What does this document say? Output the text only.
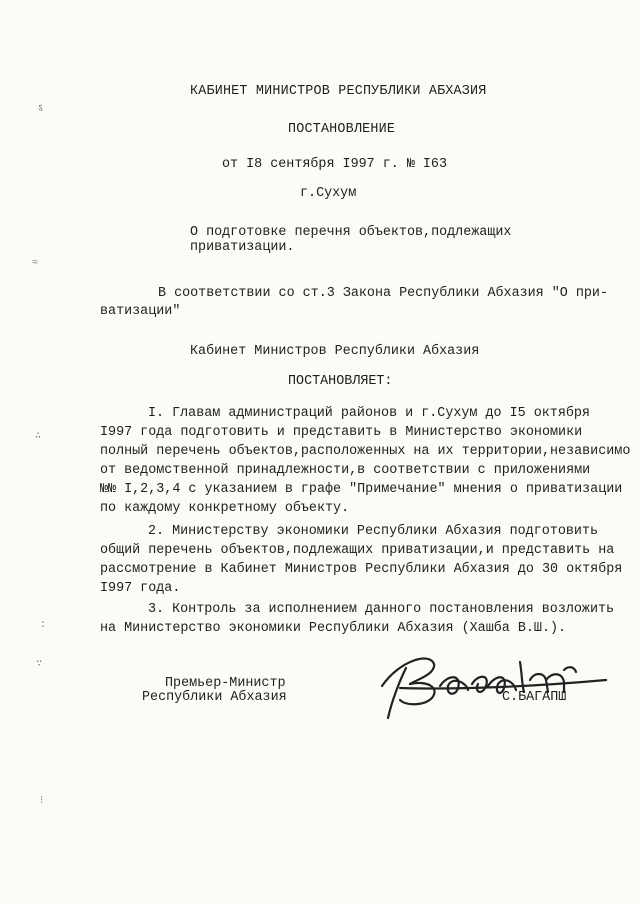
ऽ
≈
∴
:
∵
⁝
КАБИНЕТ МИНИСТРОВ РЕСПУБЛИКИ АБХАЗИЯ
ПОСТАНОВЛЕНИЕ
от I8 сентября I997 г. № I63
г.Сухум
О подготовке перечня объектов,подлежащих
приватизации.
В соответствии со ст.3 Закона Республики Абхазия "О при-
ватизации"
Кабинет Министров Республики Абхазия
ПОСТАНОВЛЯЕТ:
I. Главам администраций районов и г.Сухум до I5 октября
I997 года подготовить и представить в Министерство экономики
полный перечень объектов,расположенных на их территории,независимо
от ведомственной принадлежности,в соответствии с приложениями
№№ I,2,3,4 с указанием в графе "Примечание" мнения о приватизации
по каждому конкретному объекту.
2. Министерству экономики Республики Абхазия подготовить
общий перечень объектов,подлежащих приватизации,и представить на
рассмотрение в Кабинет Министров Республики Абхазия до 30 октября
I997 года.
3. Контроль за исполнением данного постановления возложить
на Министерство экономики Республики Абхазия (Хашба В.Ш.).
Премьер-Министр
Республики Абхазия	С.БАГАПШ
